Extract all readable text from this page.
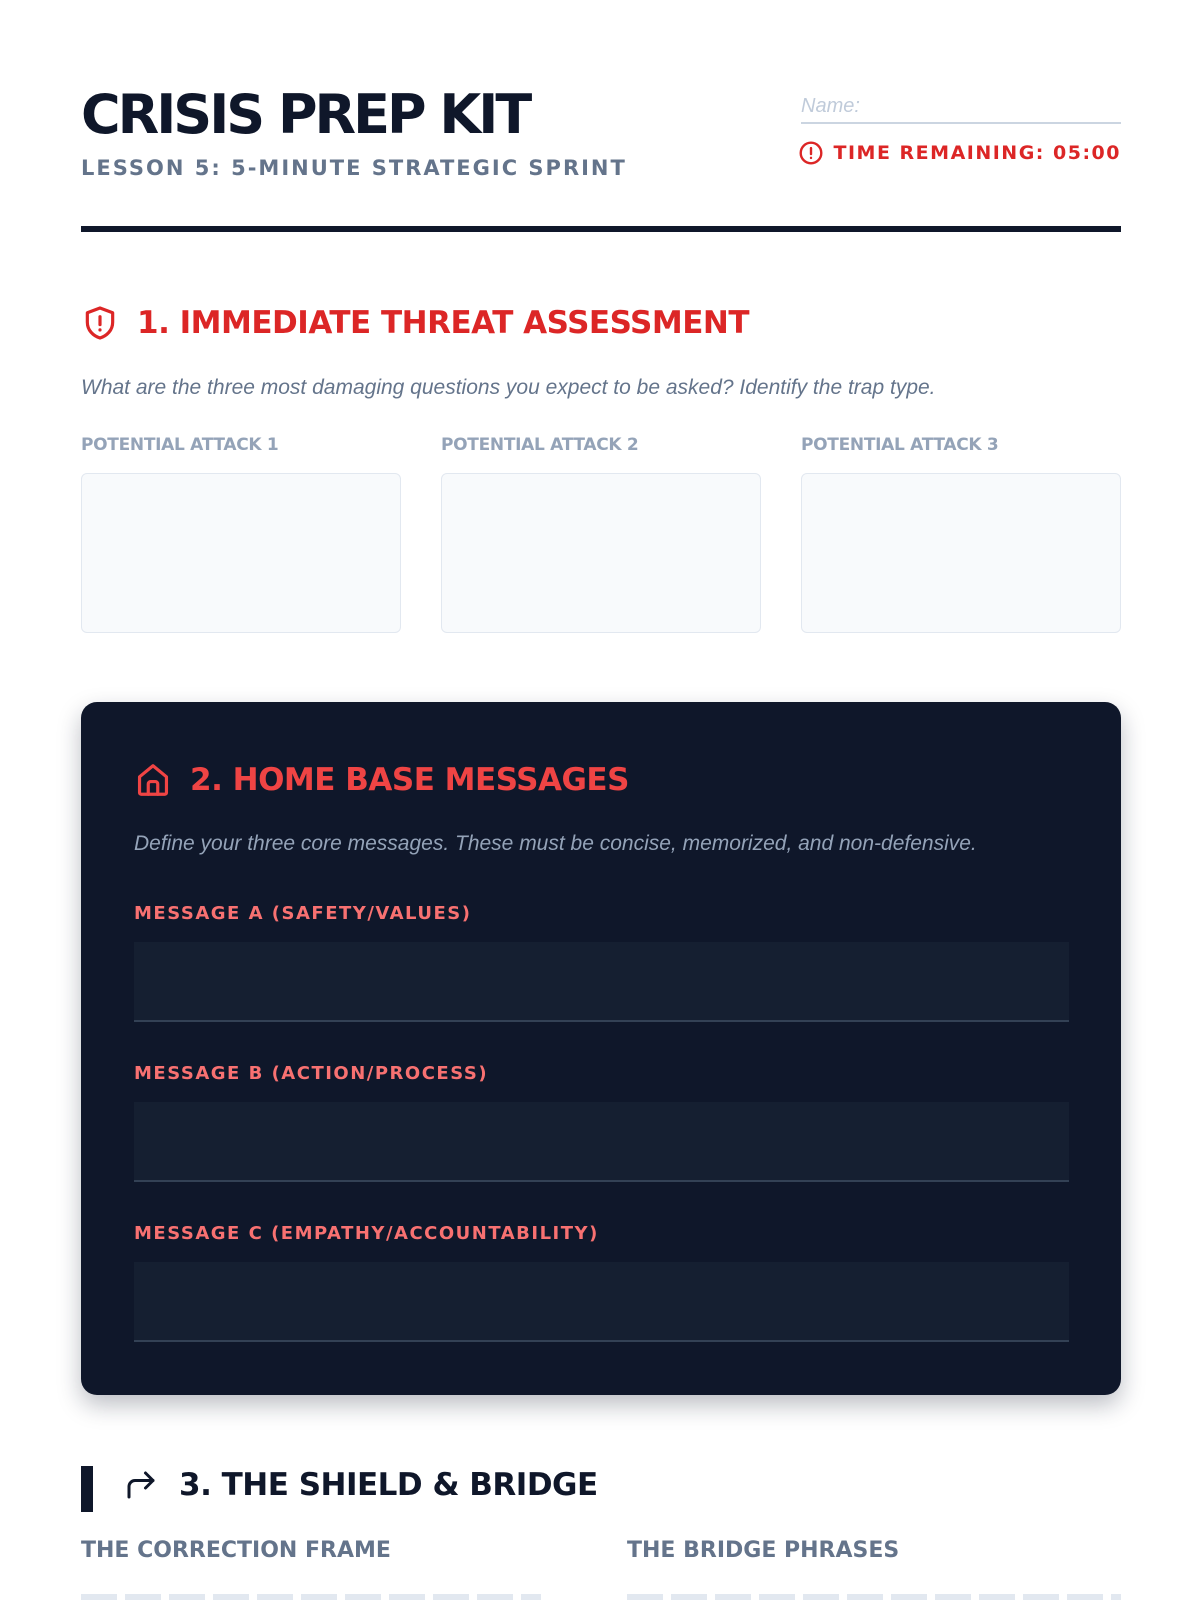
CRISIS PREP KIT
LESSON 5: 5-MINUTE STRATEGIC SPRINT
Name:
TIME REMAINING: 05:00
1. IMMEDIATE THREAT ASSESSMENT
What are the three most damaging questions you expect to be asked? Identify the trap type.
POTENTIAL ATTACK 1	POTENTIAL ATTACK 2	POTENTIAL ATTACK 3
2. HOME BASE MESSAGES
Define your three core messages. These must be concise, memorized, and non-defensive.
MESSAGE A (SAFETY/VALUES)
MESSAGE B (ACTION/PROCESS)
MESSAGE C (EMPATHY/ACCOUNTABILITY)
3. THE SHIELD & BRIDGE
THE CORRECTION FRAME	THE BRIDGE PHRASES
